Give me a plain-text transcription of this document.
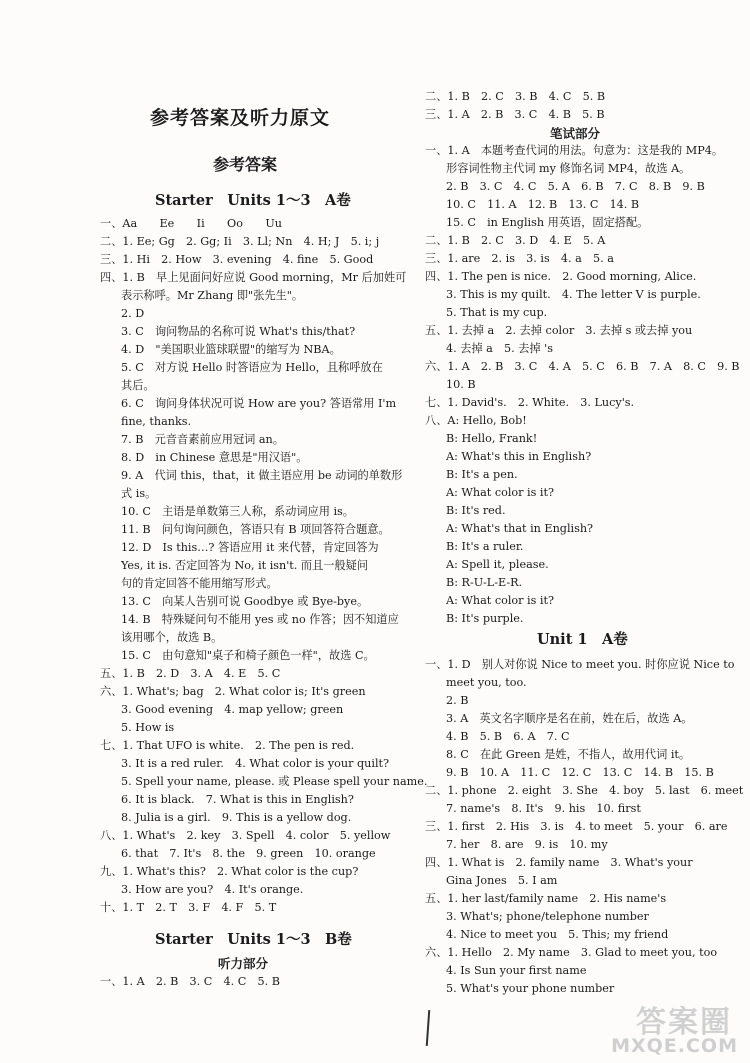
参考答案及听力原文
参考答案
Starter　Units 1～3　A卷
一、Aa　　Ee　　Ii　　Oo　　Uu
二、1. Ee; Gg　2. Gg; Ii　3. Ll; Nn　4. H; J　5. i; j
三、1. Hi　2. How　3. evening　4. fine　5. Good
四、1. B　早上见面问好应说 Good morning，Mr 后加姓可
表示称呼。Mr Zhang 即"张先生"。
2. D
3. C　询问物品的名称可说 What's this/that?
4. D　"美国职业篮球联盟"的缩写为 NBA。
5. C　对方说 Hello 时答语应为 Hello，且称呼放在
其后。
6. C　询问身体状况可说 How are you? 答语常用 I'm
fine, thanks.
7. B　元音音素前应用冠词 an。
8. D　in Chinese 意思是"用汉语"。
9. A　代词 this，that，it 做主语应用 be 动词的单数形
式 is。
10. C　主语是单数第三人称，系动词应用 is。
11. B　问句询问颜色，答语只有 B 项回答符合题意。
12. D　Is this…? 答语应用 it 来代替，肯定回答为
Yes, it is. 否定回答为 No, it isn't. 而且一般疑问
句的肯定回答不能用缩写形式。
13. C　向某人告别可说 Goodbye 或 Bye-bye。
14. B　特殊疑问句不能用 yes 或 no 作答；因不知道应
该用哪个，故选 B。
15. C　由句意知"桌子和椅子颜色一样"，故选 C。
五、1. B　2. D　3. A　4. E　5. C
六、1. What's; bag　2. What color is; It's green
3. Good evening　4. map yellow; green
5. How is
七、1. That UFO is white.　2. The pen is red.
3. It is a red ruler.　4. What color is your quilt?
5. Spell your name, please. 或 Please spell your name.
6. It is black.　7. What is this in English?
8. Julia is a girl.　9. This is a yellow dog.
八、1. What's　2. key　3. Spell　4. color　5. yellow
6. that　7. It's　8. the　9. green　10. orange
九、1. What's this?　2. What color is the cup?
3. How are you?　4. It's orange.
十、1. T　2. T　3. F　4. F　5. T
Starter　Units 1～3　B卷
听力部分
一、1. A　2. B　3. C　4. C　5. B
二、1. B　2. C　3. B　4. C　5. B
三、1. A　2. B　3. C　4. B　5. B
笔试部分
一、1. A　本题考查代词的用法。句意为：这是我的 MP4。
形容词性物主代词 my 修饰名词 MP4，故选 A。
2. B　3. C　4. C　5. A　6. B　7. C　8. B　9. B
10. C　11. A　12. B　13. C　14. B
15. C　in English 用英语，固定搭配。
二、1. B　2. C　3. D　4. E　5. A
三、1. are　2. is　3. is　4. a　5. a
四、1. The pen is nice.　2. Good morning, Alice.
3. This is my quilt.　4. The letter V is purple.
5. That is my cup.
五、1. 去掉 a　2. 去掉 color　3. 去掉 s 或去掉 you
4. 去掉 a　5. 去掉 's
六、1. A　2. B　3. C　4. A　5. C　6. B　7. A　8. C　9. B
10. B
七、1. David's.　2. White.　3. Lucy's.
八、A: Hello, Bob!
B: Hello, Frank!
A: What's this in English?
B: It's a pen.
A: What color is it?
B: It's red.
A: What's that in English?
B: It's a ruler.
A: Spell it, please.
B: R-U-L-E-R.
A: What color is it?
B: It's purple.
Unit 1　A卷
一、1. D　别人对你说 Nice to meet you. 时你应说 Nice to
meet you, too.
2. B
3. A　英文名字顺序是名在前，姓在后，故选 A。
4. B　5. B　6. A　7. C
8. C　在此 Green 是姓，不指人，故用代词 it。
9. B　10. A　11. C　12. C　13. C　14. B　15. B
二、1. phone　2. eight　3. She　4. boy　5. last　6. meet
7. name's　8. It's　9. his　10. first
三、1. first　2. His　3. is　4. to meet　5. your　6. are
7. her　8. are　9. is　10. my
四、1. What is　2. family name　3. What's your
Gina Jones　5. I am
五、1. her last/family name　2. His name's
3. What's; phone/telephone number
4. Nice to meet you　5. This; my friend
六、1. Hello　2. My name　3. Glad to meet you, too
4. Is Sun your first name
5. What's your phone number
答案圈
MXQE.COM
